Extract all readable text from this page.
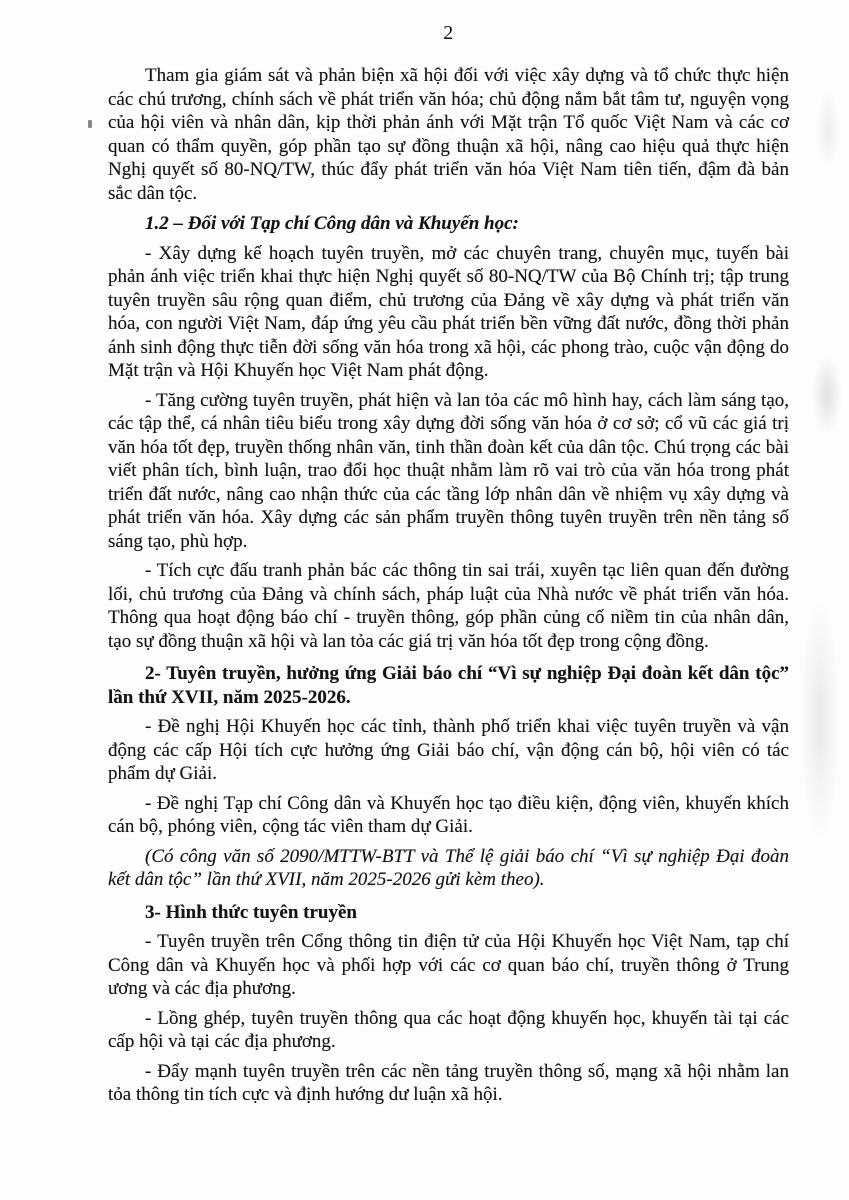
2

Tham gia giám sát và phản biện xã hội đối với việc xây dựng và tổ chức thực hiện các chú trương, chính sách về phát triển văn hóa; chủ động nắm bắt tâm tư, nguyện vọng của hội viên và nhân dân, kịp thời phản ánh với Mặt trận Tổ quốc Việt Nam và các cơ quan có thẩm quyền, góp phần tạo sự đồng thuận xã hội, nâng cao hiệu quả thực hiện Nghị quyết số 80-NQ/TW, thúc đẩy phát triển văn hóa Việt Nam tiên tiến, đậm đà bản sắc dân tộc.

1.2 – Đối với Tạp chí Công dân và Khuyến học:

- Xây dựng kế hoạch tuyên truyền, mở các chuyên trang, chuyên mục, tuyến bài phản ánh việc triển khai thực hiện Nghị quyết số 80-NQ/TW của Bộ Chính trị; tập trung tuyên truyền sâu rộng quan điểm, chủ trương của Đảng về xây dựng và phát triển văn hóa, con người Việt Nam, đáp ứng yêu cầu phát triển bền vững đất nước, đồng thời phản ánh sinh động thực tiễn đời sống văn hóa trong xã hội, các phong trào, cuộc vận động do Mặt trận và Hội Khuyến học Việt Nam phát động.

- Tăng cường tuyên truyền, phát hiện và lan tỏa các mô hình hay, cách làm sáng tạo, các tập thể, cá nhân tiêu biểu trong xây dựng đời sống văn hóa ở cơ sở; cổ vũ các giá trị văn hóa tốt đẹp, truyền thống nhân văn, tinh thần đoàn kết của dân tộc. Chú trọng các bài viết phân tích, bình luận, trao đổi học thuật nhằm làm rõ vai trò của văn hóa trong phát triển đất nước, nâng cao nhận thức của các tầng lớp nhân dân về nhiệm vụ xây dựng và phát triển văn hóa. Xây dựng các sản phẩm truyền thông tuyên truyền trên nền tảng số sáng tạo, phù hợp.

- Tích cực đấu tranh phản bác các thông tin sai trái, xuyên tạc liên quan đến đường lối, chủ trương của Đảng và chính sách, pháp luật của Nhà nước về phát triển văn hóa. Thông qua hoạt động báo chí - truyền thông, góp phần củng cố niềm tin của nhân dân, tạo sự đồng thuận xã hội và lan tỏa các giá trị văn hóa tốt đẹp trong cộng đồng.

2- Tuyên truyền, hưởng ứng Giải báo chí “Vì sự nghiệp Đại đoàn kết dân tộc” lần thứ XVII, năm 2025-2026.

- Đề nghị Hội Khuyến học các tỉnh, thành phố triển khai việc tuyên truyền và vận động các cấp Hội tích cực hưởng ứng Giải báo chí, vận động cán bộ, hội viên có tác phẩm dự Giải.

- Đề nghị Tạp chí Công dân và Khuyến học tạo điều kiện, động viên, khuyến khích cán bộ, phóng viên, cộng tác viên tham dự Giải.

(Có công văn số 2090/MTTW-BTT và Thể lệ giải báo chí “Vì sự nghiệp Đại đoàn kết dân tộc” lần thứ XVII, năm 2025-2026 gửi kèm theo).

3- Hình thức tuyên truyền

- Tuyên truyền trên Cổng thông tin điện tử của Hội Khuyến học Việt Nam, tạp chí Công dân và Khuyến học và phối hợp với các cơ quan báo chí, truyền thông ở Trung ương và các địa phương.

- Lồng ghép, tuyên truyền thông qua các hoạt động khuyến học, khuyến tài tại các cấp hội và tại các địa phương.

- Đẩy mạnh tuyên truyền trên các nền tảng truyền thông số, mạng xã hội nhằm lan tỏa thông tin tích cực và định hướng dư luận xã hội.
